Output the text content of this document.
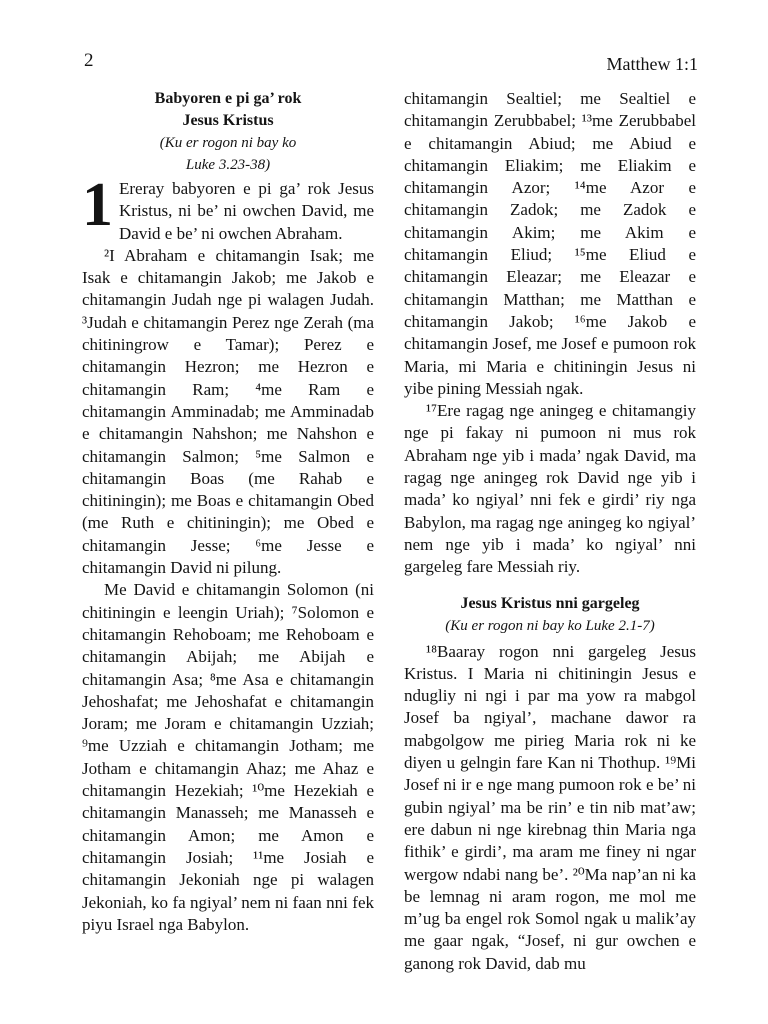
2	Matthew 1:1

Babyoren e pi ga’ rok
Jesus Kristus

(Ku er rogon ni bay ko
Luke 3.23-38)

1 Ereray babyoren e pi ga’ rok Jesus Kristus, ni be’ ni owchen David, me David e be’ ni owchen Abraham.

²I Abraham e chitamangin Isak; me Isak e chitamangin Jakob; me Jakob e chitamangin Judah nge pi walagen Judah. ³Judah e chitamangin Perez nge Zerah (ma chitiningrow e Tamar); Perez e chitamangin Hezron; me Hezron e chitamangin Ram; ⁴me Ram e chitamangin Amminadab; me Amminadab e chitamangin Nahshon; me Nahshon e chitamangin Salmon; ⁵me Salmon e chitamangin Boas (me Rahab e chitiningin); me Boas e chitamangin Obed (me Ruth e chitiningin); me Obed e chitamangin Jesse; ⁶me Jesse e chitamangin David ni pilung.

Me David e chitamangin Solomon (ni chitiningin e leengin Uriah); ⁷Solomon e chitamangin Rehoboam; me Rehoboam e chitamangin Abijah; me Abijah e chitamangin Asa; ⁸me Asa e chitamangin Jehoshafat; me Jehoshafat e chitamangin Joram; me Joram e chitamangin Uzziah; ⁹me Uzziah e chitamangin Jotham; me Jotham e chitamangin Ahaz; me Ahaz e chitamangin Hezekiah; ¹⁰me Hezekiah e chitamangin Manasseh; me Manasseh e chitamangin Amon; me Amon e chitamangin Josiah; ¹¹me Josiah e chitamangin Jekoniah nge pi walagen Jekoniah, ko fa ngiyal’ nem ni faan nni fek piyu Israel nga Babylon.

chitamangin Sealtiel; me Sealtiel e chitamangin Zerubbabel; ¹³me Zerubbabel e chitamangin Abiud; me Abiud e chitamangin Eliakim; me Eliakim e chitamangin Azor; ¹⁴me Azor e chitamangin Zadok; me Zadok e chitamangin Akim; me Akim e chitamangin Eliud; ¹⁵me Eliud e chitamangin Eleazar; me Eleazar e chitamangin Matthan; me Matthan e chitamangin Jakob; ¹⁶me Jakob e chitamangin Josef, me Josef e pumoon rok Maria, mi Maria e chitiningin Jesus ni yibe pining Messiah ngak.

¹⁷Ere ragag nge aningeg e chitamangiy nge pi fakay ni pumoon ni mus rok Abraham nge yib i mada’ ngak David, ma ragag nge aningeg rok David nge yib i mada’ ko ngiyal’ nni fek e girdi’ riy nga Babylon, ma ragag nge aningeg ko ngiyal’ nem nge yib i mada’ ko ngiyal’ nni gargeleg fare Messiah riy.

Jesus Kristus nni gargeleg

(Ku er rogon ni bay ko Luke 2.1-7)

¹⁸Baaray rogon nni gargeleg Jesus Kristus. I Maria ni chitiningin Jesus e ndugliy ni ngi i par ma yow ra mabgol Josef ba ngiyal’, machane dawor ra mabgolgow me pirieg Maria rok ni ke diyen u gelngin fare Kan ni Thothup. ¹⁹Mi Josef ni ir e nge mang pumoon rok e be’ ni gubin ngiyal’ ma be rin’ e tin nib mat’aw; ere dabun ni nge kirebnag thin Maria nga fithik’ e girdi’, ma aram me finey ni ngar wergow ndabi nang be’. ²⁰Ma nap’an ni ka be lemnag ni aram rogon, me mol me m’ug ba engel rok Somol ngak u malik’ay me gaar ngak, “Josef, ni gur owchen e ganong rok David, dab mu
